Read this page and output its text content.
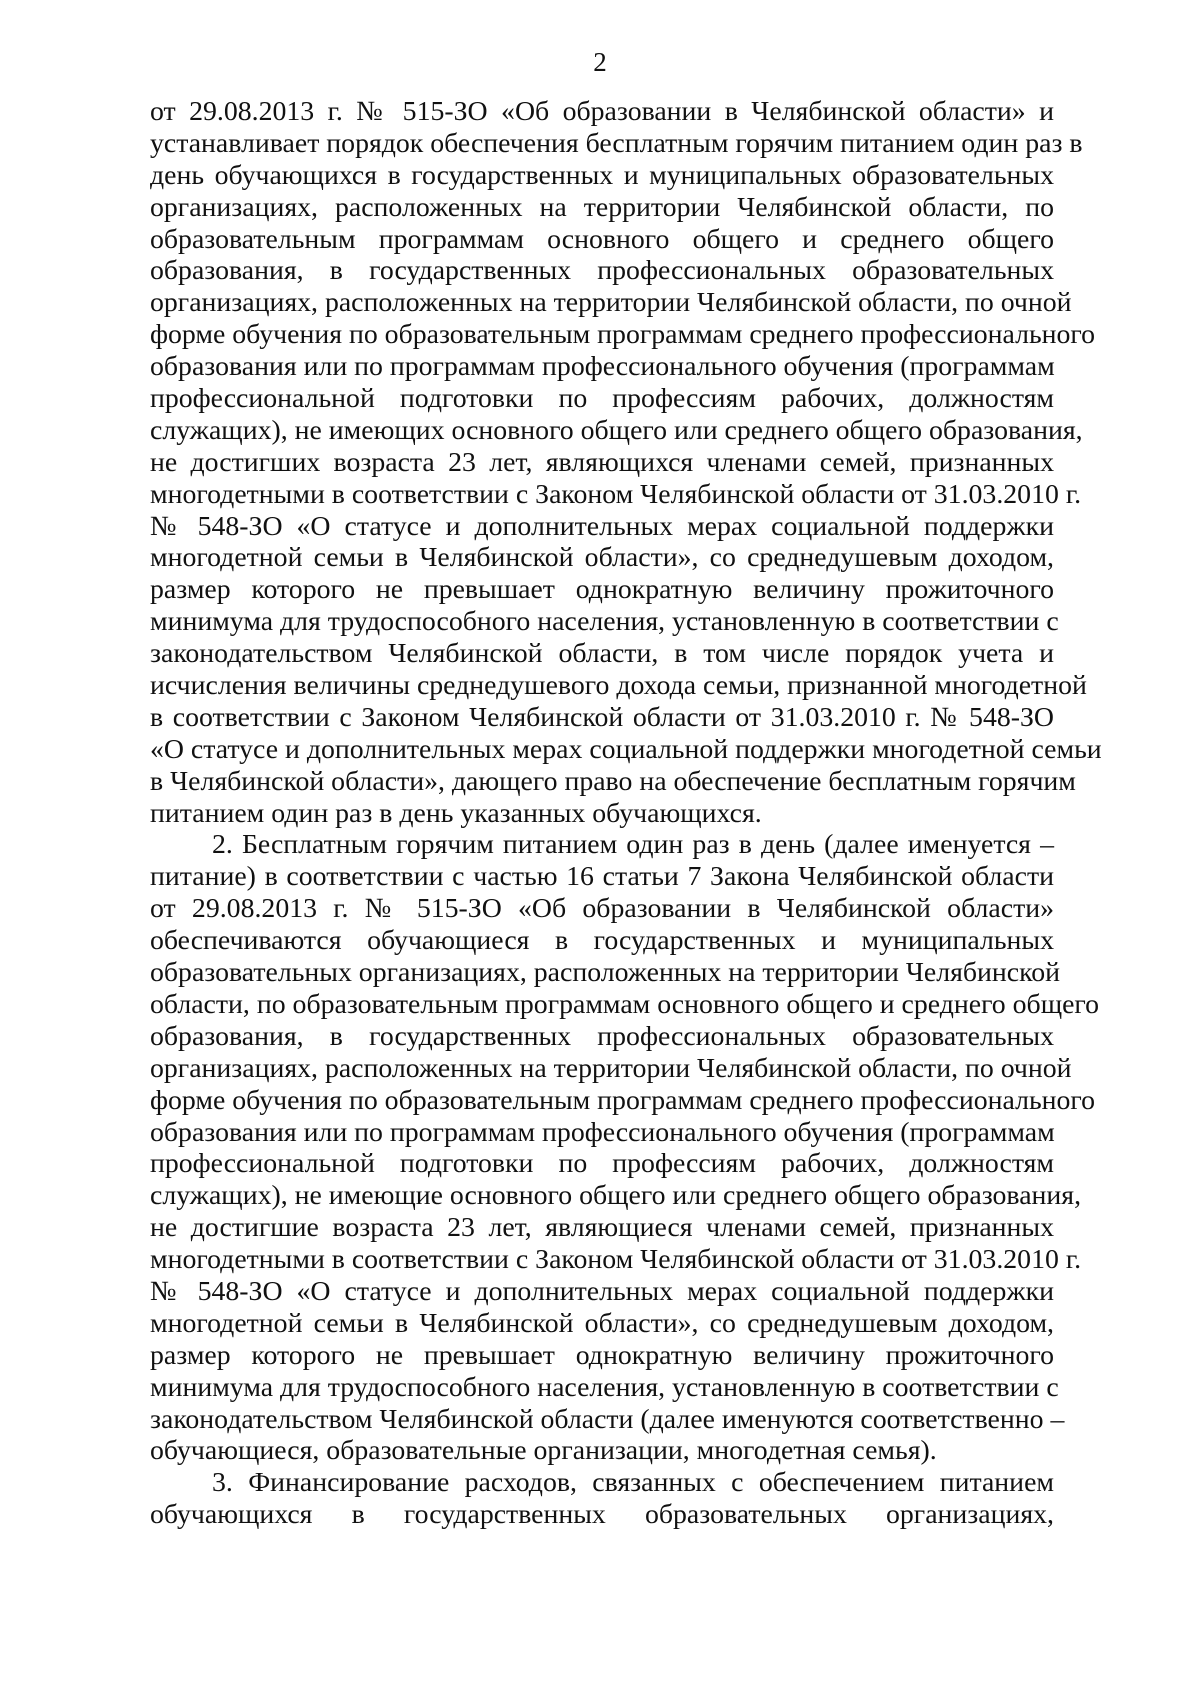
2
от 29.08.2013 г. № 515-ЗО «Об образовании в Челябинской области» и
устанавливает порядок обеспечения бесплатным горячим питанием один раз в
день обучающихся в государственных и муниципальных образовательных
организациях, расположенных на территории Челябинской области, по
образовательным программам основного общего и среднего общего
образования, в государственных профессиональных образовательных
организациях, расположенных на территории Челябинской области, по очной
форме обучения по образовательным программам среднего профессионального
образования или по программам профессионального обучения (программам
профессиональной подготовки по профессиям рабочих, должностям
служащих), не имеющих основного общего или среднего общего образования,
не достигших возраста 23 лет, являющихся членами семей, признанных
многодетными в соответствии с Законом Челябинской области от 31.03.2010 г.
№ 548-ЗО «О статусе и дополнительных мерах социальной поддержки
многодетной семьи в Челябинской области», со среднедушевым доходом,
размер которого не превышает однократную величину прожиточного
минимума для трудоспособного населения, установленную в соответствии с
законодательством Челябинской области, в том числе порядок учета и
исчисления величины среднедушевого дохода семьи, признанной многодетной
в соответствии с Законом Челябинской области от 31.03.2010 г. № 548-ЗО
«О статусе и дополнительных мерах социальной поддержки многодетной семьи
в Челябинской области», дающего право на обеспечение бесплатным горячим
питанием один раз в день указанных обучающихся.
2. Бесплатным горячим питанием один раз в день (далее именуется –
питание) в соответствии с частью 16 статьи 7 Закона Челябинской области
от 29.08.2013 г. № 515-ЗО «Об образовании в Челябинской области»
обеспечиваются обучающиеся в государственных и муниципальных
образовательных организациях, расположенных на территории Челябинской
области, по образовательным программам основного общего и среднего общего
образования, в государственных профессиональных образовательных
организациях, расположенных на территории Челябинской области, по очной
форме обучения по образовательным программам среднего профессионального
образования или по программам профессионального обучения (программам
профессиональной подготовки по профессиям рабочих, должностям
служащих), не имеющие основного общего или среднего общего образования,
не достигшие возраста 23 лет, являющиеся членами семей, признанных
многодетными в соответствии с Законом Челябинской области от 31.03.2010 г.
№ 548-ЗО «О статусе и дополнительных мерах социальной поддержки
многодетной семьи в Челябинской области», со среднедушевым доходом,
размер которого не превышает однократную величину прожиточного
минимума для трудоспособного населения, установленную в соответствии с
законодательством Челябинской области (далее именуются соответственно –
обучающиеся, образовательные организации, многодетная семья).
3. Финансирование расходов, связанных с обеспечением питанием
обучающихся в государственных образовательных организациях,
